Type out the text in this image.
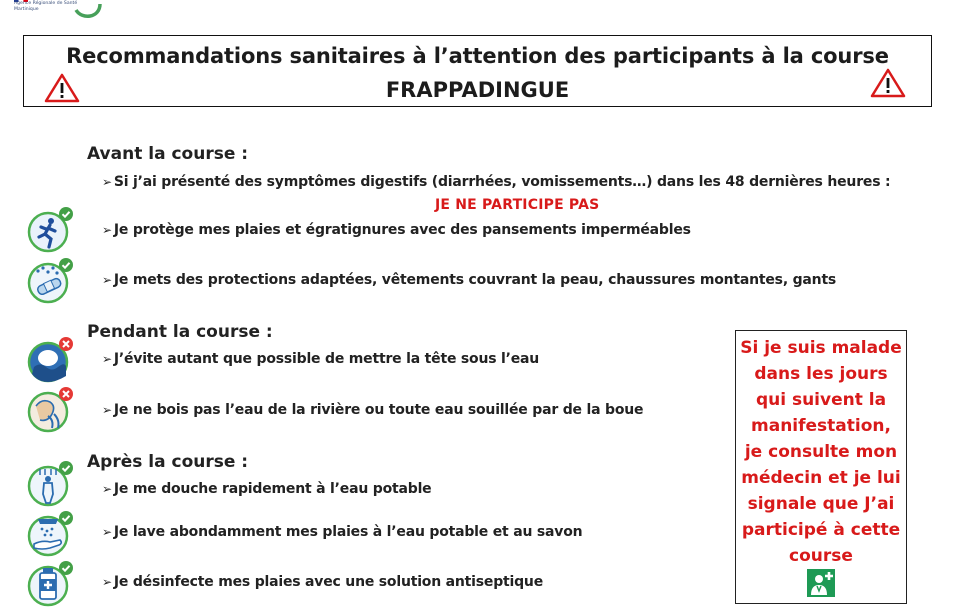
Agence Régionale de Santé
Martinique
Recommandations sanitaires à l’attention des participants à la course
FRAPPADINGUE
Avant la course :
➢ Si j’ai présenté des symptômes digestifs (diarrhées, vomissements…) dans les 48 dernières heures :
JE NE PARTICIPE PAS
➢ Je protège mes plaies et égratignures avec des pansements imperméables
➢ Je mets des protections adaptées, vêtements couvrant la peau, chaussures montantes, gants
Pendant la course :
➢ J’évite autant que possible de mettre la tête sous l’eau
➢ Je ne bois pas l’eau de la rivière ou toute eau souillée par de la boue
Après la course :
➢ Je me douche rapidement à l’eau potable
➢ Je lave abondamment mes plaies à l’eau potable et au savon
➢ Je désinfecte mes plaies avec une solution antiseptique
Si je suis malade dans les jours qui suivent la manifestation, je consulte mon médecin et je lui signale que J’ai participé à cette course
